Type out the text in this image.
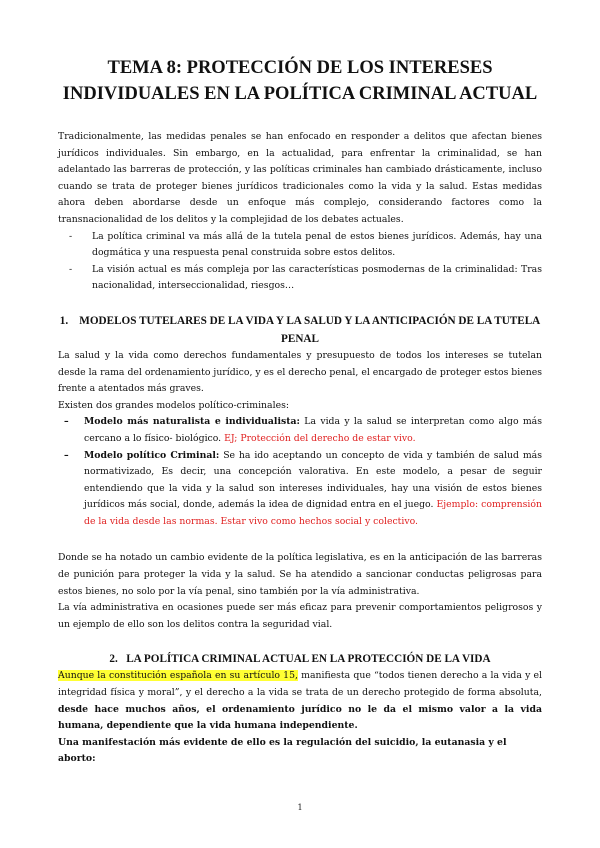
TEMA 8: PROTECCIÓN DE LOS INTERESES INDIVIDUALES EN LA POLÍTICA CRIMINAL ACTUAL

Tradicionalmente, las medidas penales se han enfocado en responder a delitos que afectan bienes jurídicos individuales. Sin embargo, en la actualidad, para enfrentar la criminalidad, se han adelantado las barreras de protección, y las políticas criminales han cambiado drásticamente, incluso cuando se trata de proteger bienes jurídicos tradicionales como la vida y la salud. Estas medidas ahora deben abordarse desde un enfoque más complejo, considerando factores como la transnacionalidad de los delitos y la complejidad de los debates actuales.

- La política criminal va más allá de la tutela penal de estos bienes jurídicos. Además, hay una dogmática y una respuesta penal construida sobre estos delitos.
- La visión actual es más compleja por las características posmodernas de la criminalidad: Tras nacionalidad, interseccionalidad, riesgos…
1. MODELOS TUTELARES DE LA VIDA Y LA SALUD Y LA ANTICIPACIÓN DE LA TUTELA PENAL

La salud y la vida como derechos fundamentales y presupuesto de todos los intereses se tutelan desde la rama del ordenamiento jurídico, y es el derecho penal, el encargado de proteger estos bienes frente a atentados más graves.

Existen dos grandes modelos político-criminales:

– Modelo más naturalista e individualista: La vida y la salud se interpretan como algo más cercano a lo físico- biológico. EJ; Protección del derecho de estar vivo.
– Modelo político Criminal: Se ha ido aceptando un concepto de vida y también de salud más normativizado, Es decir, una concepción valorativa. En este modelo, a pesar de seguir entendiendo que la vida y la salud son intereses individuales, hay una visión de estos bienes jurídicos más social, donde, además la idea de dignidad entra en el juego. Ejemplo: comprensión de la vida desde las normas. Estar vivo como hechos social y colectivo.

Donde se ha notado un cambio evidente de la política legislativa, es en la anticipación de las barreras de punición para proteger la vida y la salud. Se ha atendido a sancionar conductas peligrosas para estos bienes, no solo por la vía penal, sino también por la vía administrativa.

La vía administrativa en ocasiones puede ser más eficaz para prevenir comportamientos peligrosos y un ejemplo de ello son los delitos contra la seguridad vial.

2. LA POLÍTICA CRIMINAL ACTUAL EN LA PROTECCIÓN DE LA VIDA

Aunque la constitución española en su artículo 15, manifiesta que “todos tienen derecho a la vida y el integridad física y moral”, y el derecho a la vida se trata de un derecho protegido de forma absoluta, desde hace muchos años, el ordenamiento jurídico no le da el mismo valor a la vida humana, dependiente que la vida humana independiente.

Una manifestación más evidente de ello es la regulación del suicidio, la eutanasia y el aborto:

1
